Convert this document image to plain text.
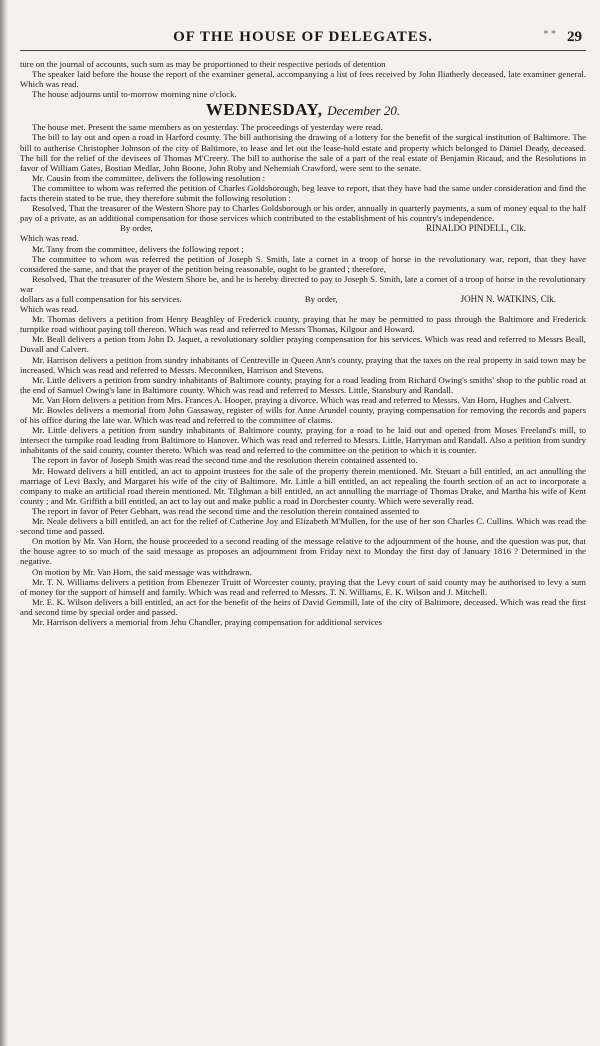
OF THE HOUSE OF DELEGATES.	* * 29

ture on the journal of accounts, such sum as may be proportioned to their respective periods of detention

The speaker laid before the house the report of the examiner general, accompanying a list of fees received by John Iliatherly deceased, late examiner general. Which was read.

The house adjourns until to-morrow morning nine o'clock.

WEDNESDAY, December 20.

The house met. Present the same members as on yesterday. The proceedings of yesterday were read.

The bill to lay out and open a road in Harford county. The bill authorising the drawing of a lottery for the benefit of the surgical institution of Baltimore. The bill to autherise Christopher Johnson of the city of Baltimore, to lease and let out the lease-hold estate and property which belonged to Daniel Deady, deceased. The bill for the relief of the devisees of Thomas M'Creery. The bill to authorise the sale of a part of the real estate of Benjamin Ricaud, and the Resolutions in favor of William Gates, Bostian Medlar, John Boone, John Roby and Nehemiah Crawford, were sent to the senate.

Mr. Causin from the committee, delivers the following resolution :

The committee to whom was referred the petition of Charles Goldsborough, beg leave to report, that they have had the same under consideration and find the facts therein stated to be true, they therefore submit the following resolution :

Resolved, That the treasurer of the Western Shore pay to Charles Goldsborough or his order, annually in quarterly payments, a sum of money equal to the half pay of a private, as an additional compensation for those services which contributed to the establishment of his country's independence.

By order,	RINALDO PINDELL, Clk.

Which was read.

Mr. Tany from the committee, delivers the following report ;

The committee to whom was referred the petition of Joseph S. Smith, late a cornet in a troop of horse in the revolutionary war, report, that they have considered the same, and that the prayer of the petition being reasonable, ought to be granted ; therefore,

Resolved, That the treasurer of the Western Shore be, and he is hereby directed to pay to Joseph S. Smith, late a cornet of a troop of horse in the revolutionary war

dollars as a full compensation for his services.	By order,	JOHN N. WATKINS, Clk.

Which was read.

Mr. Thomas delivers a petition from Henry Beaghley of Frederick county, praying that he may be permitted to pass through the Baltimore and Frederick turnpike road without paying toll thereon. Which was read and referred to Messrs Thomas, Kilgour and Howard.

Mr. Beall delivers a petion from John D. Jaquet, a revolutionary soldier praying compensation for his services. Which was read and referred to Messrs Beall, Duvall and Calvert.

Mr. Harrison delivers a petition from sundry inhabitants of Centreville in Queen Ann's county, praying that the taxes on the real property in said town may be increased. Which was read and referred to Messrs. Meconniken, Harrison and Stevens.

Mr. Little delivers a petition from sundry inhabitants of Baltimore county, praying for a road leading from Richard Owing's smiths' shop to the public road at the end of Samuel Owing's lane in Baltimore county. Which was read and referred to Messrs. Little, Stansbury and Randall.

Mr. Van Horn delivers a petition from Mrs. Frances A. Hooper, praying a divorce. Which was read and referred to Messrs. Van Horn, Hughes and Calvert.

Mr. Bowles delivers a memorial from John Gassaway, register of wills for Anne Arundel county, praying compensation for removing the records and papers of his office during the late war. Which was read and referred to the committee of claims.

Mr. Little delivers a petition from sundry inhabitants of Baltimore county, praying for a road to be laid out and opened from Moses Freeland's mill, to intersect the turnpike road leading from Baltimore to Hanover. Which was read and referred to Messrs. Little, Harryman and Randall. Also a petition from sundry inhabitants of the said county, counter thereto. Which was read and referred to the committee on the petition to which it is counter.

The report in favor of Joseph Smith was read the second time and the resolution therein contained assented to.

Mr. Howard delivers a bill entitled, an act to appoint trustees for the sale of the property therein mentioned. Mr. Steuart a bill entitled, an act annulling the marriage of Levi Baxly, and Margaret his wife of the city of Baltimore. Mr. Little a bill entitled, an act repealing the fourth section of an act to incorporate a company to make an artificial road therein mentioned. Mr. Tilghman a bill entitled, an act annulling the marriage of Thomas Drake, and Martha his wife of Kent county ; and Mr. Griffith a bill entitled, an act to lay out and make public a road in Dorchester county. Which were severally read.

The report in favor of Peter Gebhart, was read the second time and the resolution therein contained assented to

Mr. Neale delivers a bill entitled, an act for the relief of Catherine Joy and Elizabeth M'Mullen, for the use of her son Charles C. Cullins. Which was read the second time and passed.

On motion by Mr. Van Horn, the house proceeded to a second reading of the message relative to the adjournment of the house, and the question was put, that the house agree to so much of the said message as proposes an adjournment from Friday next to Monday the first day of January 1816 ? Determined in the negative.

On motion by Mr. Van Horn, the said message was withdrawn.

Mr. T. N. Williams delivers a petition from Ebenezer Truitt of Worcester county, praying that the Levy court of said county may be authorised to levy a sum of money for the support of himself and family. Which was read and referred to Messrs. T. N. Williams, E. K. Wilson and J. Mitchell.

Mr. E. K. Wilson delivers a bill entitled, an act for the benefit of the heirs of David Gemmill, late of the city of Baltimore, deceased. Which was read the first and second time by special order and passed.

Mr. Harrison delivers a memorial from Jehu Chandler, praying compensation for additional services
